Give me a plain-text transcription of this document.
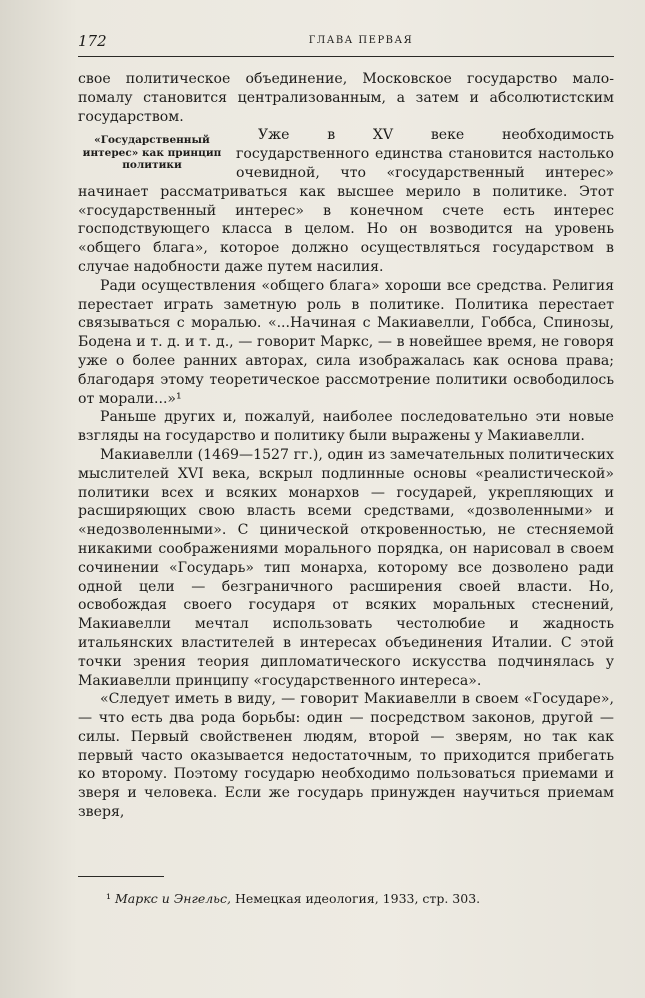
172	ГЛАВА ПЕРВАЯ

свое политическое объединение, Московское государство мало-помалу становится централизованным, а затем и абсолютистским государством.

«Государственный интерес» как принцип политики

Уже в XV веке необходимость государственного единства становится настолько очевидной, что «государственный интерес» начинает рассматриваться как высшее мерило в политике. Этот «государственный интерес» в конечном счете есть интерес господствующего класса в целом. Но он возводится на уровень «общего блага», которое должно осуществляться государством в случае надобности даже путем насилия.

Ради осуществления «общего блага» хороши все средства. Религия перестает играть заметную роль в политике. Политика перестает связываться с моралью. «...Начиная с Макиавелли, Гоббса, Спинозы, Бодена и т. д. и т. д., — говорит Маркс, — в новейшее время, не говоря уже о более ранних авторах, сила изображалась как основа права; благодаря этому теоретическое рассмотрение политики освободилось от морали...»¹

Раньше других и, пожалуй, наиболее последовательно эти новые взгляды на государство и политику были выражены у Макиавелли.

Макиавелли (1469—1527 гг.), один из замечательных политических мыслителей XVI века, вскрыл подлинные основы «реалистической» политики всех и всяких монархов — государей, укрепляющих и расширяющих свою власть всеми средствами, «дозволенными» и «недозволенными». С цинической откровенностью, не стесняемой никакими соображениями морального порядка, он нарисовал в своем сочинении «Государь» тип монарха, которому все дозволено ради одной цели — безграничного расширения своей власти. Но, освобождая своего государя от всяких моральных стеснений, Макиавелли мечтал использовать честолюбие и жадность итальянских властителей в интересах объединения Италии. С этой точки зрения теория дипломатического искусства подчинялась у Макиавелли принципу «государственного интереса».

«Следует иметь в виду, — говорит Макиавелли в своем «Государе», — что есть два рода борьбы: один — посредством законов, другой — силы. Первый свойственен людям, второй — зверям, но так как первый часто оказывается недостаточным, то приходится прибегать ко второму. Поэтому государю необходимо пользоваться приемами и зверя и человека. Если же государь принужден научиться приемам зверя,

¹ Маркс и Энгельс, Немецкая идеология, 1933, стр. 303.
